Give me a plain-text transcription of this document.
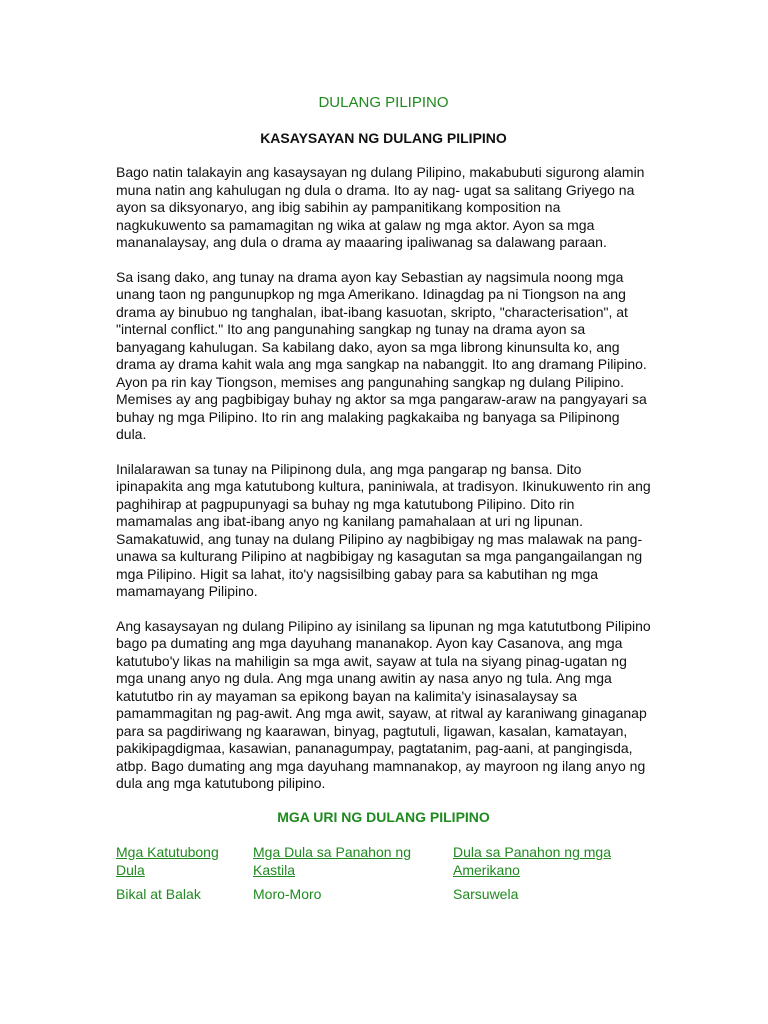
DULANG PILIPINO
KASAYSAYAN NG DULANG PILIPINO

Bago natin talakayin ang kasaysayan ng dulang Pilipino, makabubuti sigurong alamin muna natin ang kahulugan ng dula o drama. Ito ay nag- ugat sa salitang Griyego na ayon sa diksyonaryo, ang ibig sabihin ay pampanitikang komposition na nagkukuwento sa pamamagitan ng wika at galaw ng mga aktor. Ayon sa mga mananalaysay, ang dula o drama ay maaaring ipaliwanag sa dalawang paraan.

Sa isang dako, ang tunay na drama ayon kay Sebastian ay nagsimula noong mga unang taon ng pangunupkop ng mga Amerikano. Idinagdag pa ni Tiongson na ang drama ay binubuo ng tanghalan, ibat-ibang kasuotan, skripto, "characterisation", at "internal conflict." Ito ang pangunahing sangkap ng tunay na drama ayon sa banyagang kahulugan. Sa kabilang dako, ayon sa mga librong kinunsulta ko, ang drama ay drama kahit wala ang mga sangkap na nabanggit. Ito ang dramang Pilipino. Ayon pa rin kay Tiongson, memises ang pangunahing sangkap ng dulang Pilipino. Memises ay ang pagbibigay buhay ng aktor sa mga pangaraw-araw na pangyayari sa buhay ng mga Pilipino. Ito rin ang malaking pagkakaiba ng banyaga sa Pilipinong dula.

Inilalarawan sa tunay na Pilipinong dula, ang mga pangarap ng bansa. Dito ipinapakita ang mga katutubong kultura, paniniwala, at tradisyon. Ikinukuwento rin ang paghihirap at pagpupunyagi sa buhay ng mga katutubong Pilipino. Dito rin mamamalas ang ibat-ibang anyo ng kanilang pamahalaan at uri ng lipunan. Samakatuwid, ang tunay na dulang Pilipino ay nagbibigay ng mas malawak na pang-unawa sa kulturang Pilipino at nagbibigay ng kasagutan sa mga pangangailangan ng mga Pilipino. Higit sa lahat, ito'y nagsisilbing gabay para sa kabutihan ng mga mamamayang Pilipino.

Ang kasaysayan ng dulang Pilipino ay isinilang sa lipunan ng mga katututbong Pilipino bago pa dumating ang mga dayuhang mananakop. Ayon kay Casanova, ang mga katutubo'y likas na mahiligin sa mga awit, sayaw at tula na siyang pinag-ugatan ng mga unang anyo ng dula. Ang mga unang awitin ay nasa anyo ng tula. Ang mga katututbo rin ay mayaman sa epikong bayan na kalimita'y isinasalaysay sa pamammagitan ng pag-awit. Ang mga awit, sayaw, at ritwal ay karaniwang ginaganap para sa pagdiriwang ng kaarawan, binyag, pagtutuli, ligawan, kasalan, kamatayan, pakikipagdigmaa, kasawian, pananagumpay, pagtatanim, pag-aani, at pangingisda, atbp. Bago dumating ang mga dayuhang mamnanakop, ay mayroon ng ilang anyo ng dula ang mga katutubong pilipino.

MGA URI NG DULANG PILIPINO
Mga Katutubong Dula
Mga Dula sa Panahon ng Kastila
Dula sa Panahon ng mga Amerikano
Bikal at Balak	Moro-Moro	Sarsuwela
